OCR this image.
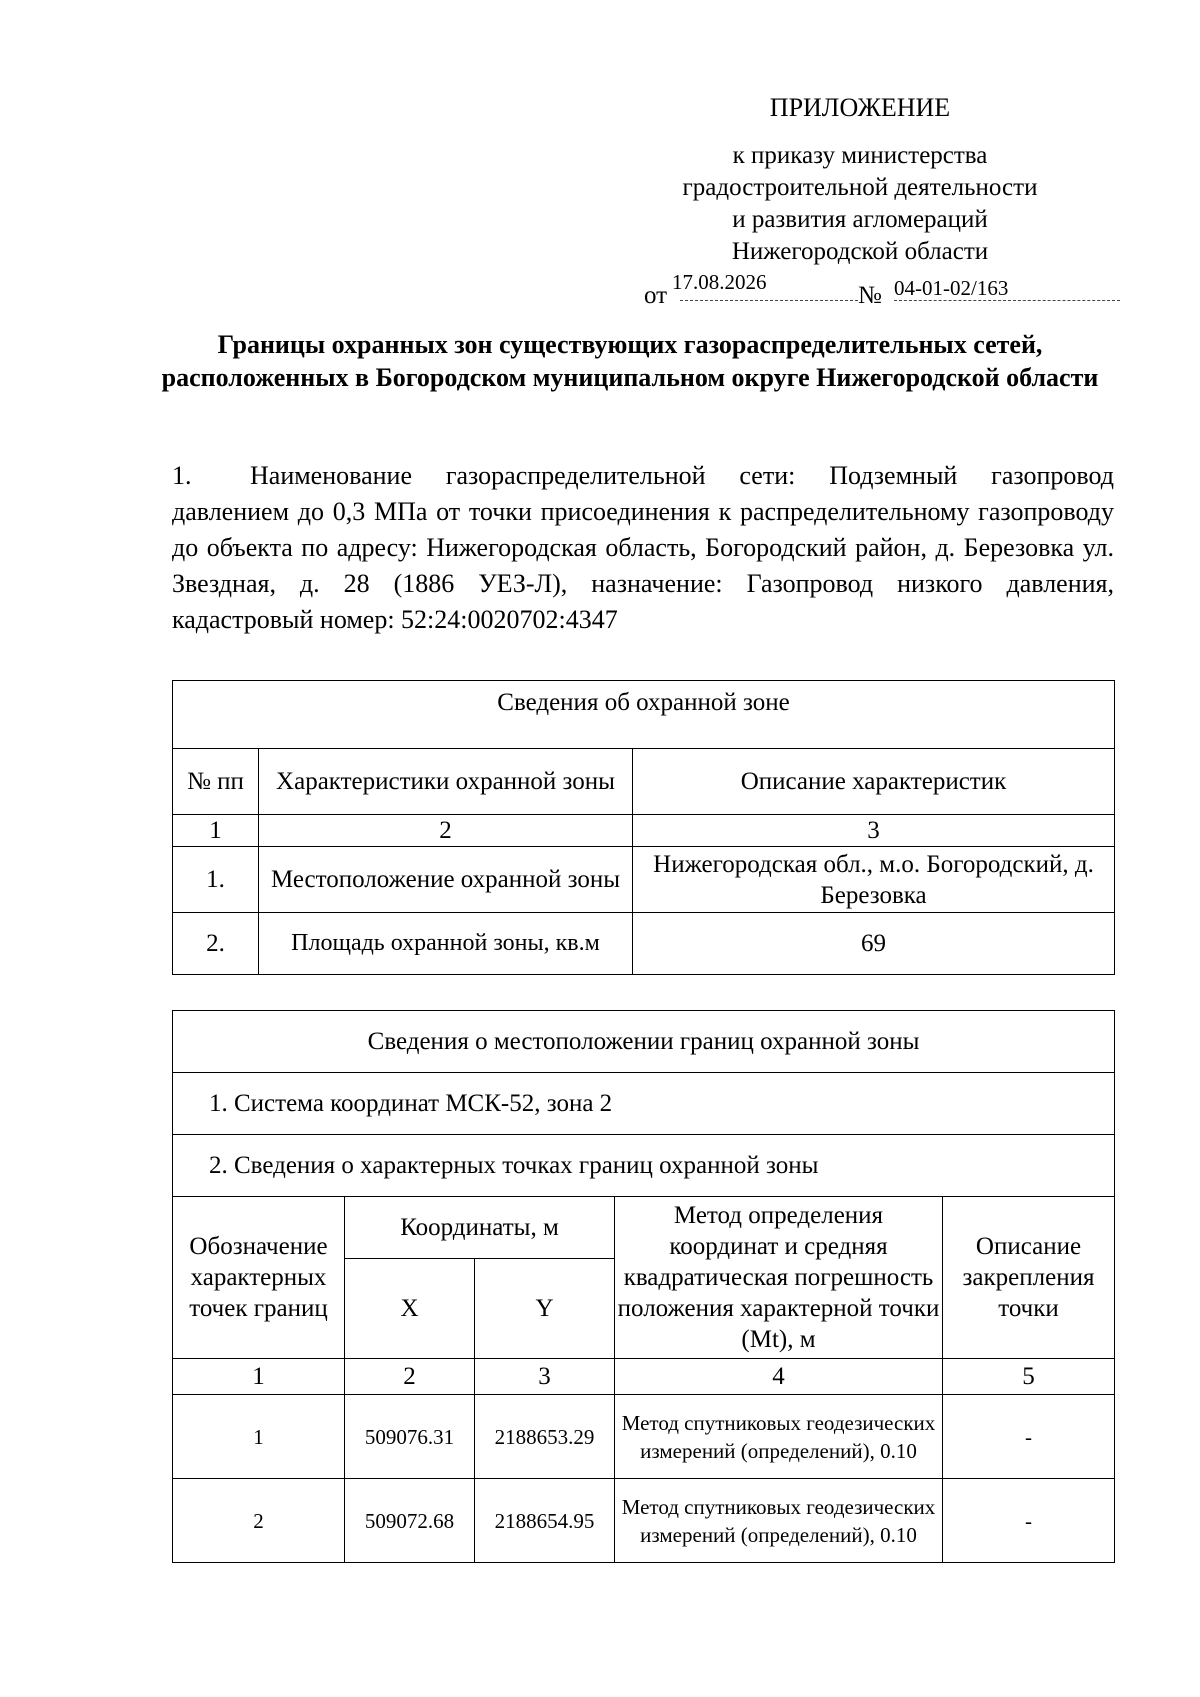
ПРИЛОЖЕНИЕ
к приказу министерства
градостроительной деятельности
и развития агломераций
Нижегородской области
от 17.08.2026	№ 04-01-02/163
Границы охранных зон существующих газораспределительных сетей, расположенных в Богородском муниципальном округе Нижегородской области
1. Наименование газораспределительной сети: Подземный газопровод давлением до 0,3 МПа от точки присоединения к распределительному газопроводу до объекта по адресу: Нижегородская область, Богородский район, д. Березовка ул. Звездная, д. 28 (1886 УЕЗ-Л), назначение: Газопровод низкого давления, кадастровый номер: 52:24:0020702:4347
Сведения об охранной зоне		
№ пп	Характеристики охранной зоны	Описание характеристик
1	2	3
1.	Местоположение охранной зоны	Нижегородская обл., м.о. Богородский, д. Березовка
2.	Площадь охранной зоны, кв.м	69
Сведения о местоположении границ охранной зоны				
1. Система координат МСК-52, зона 2				
2. Сведения о характерных точках границ охранной зоны				
Обозначение характерных точек границ	Координаты, м		Метод определения координат и средняя квадратическая погрешность положения характерной точки (Mt), м	Описание закрепления точки
	X	Y		
1	2	3	4	5
1	509076.31	2188653.29	Метод спутниковых геодезических измерений (определений), 0.10	-
2	509072.68	2188654.95	Метод спутниковых геодезических измерений (определений), 0.10	-
